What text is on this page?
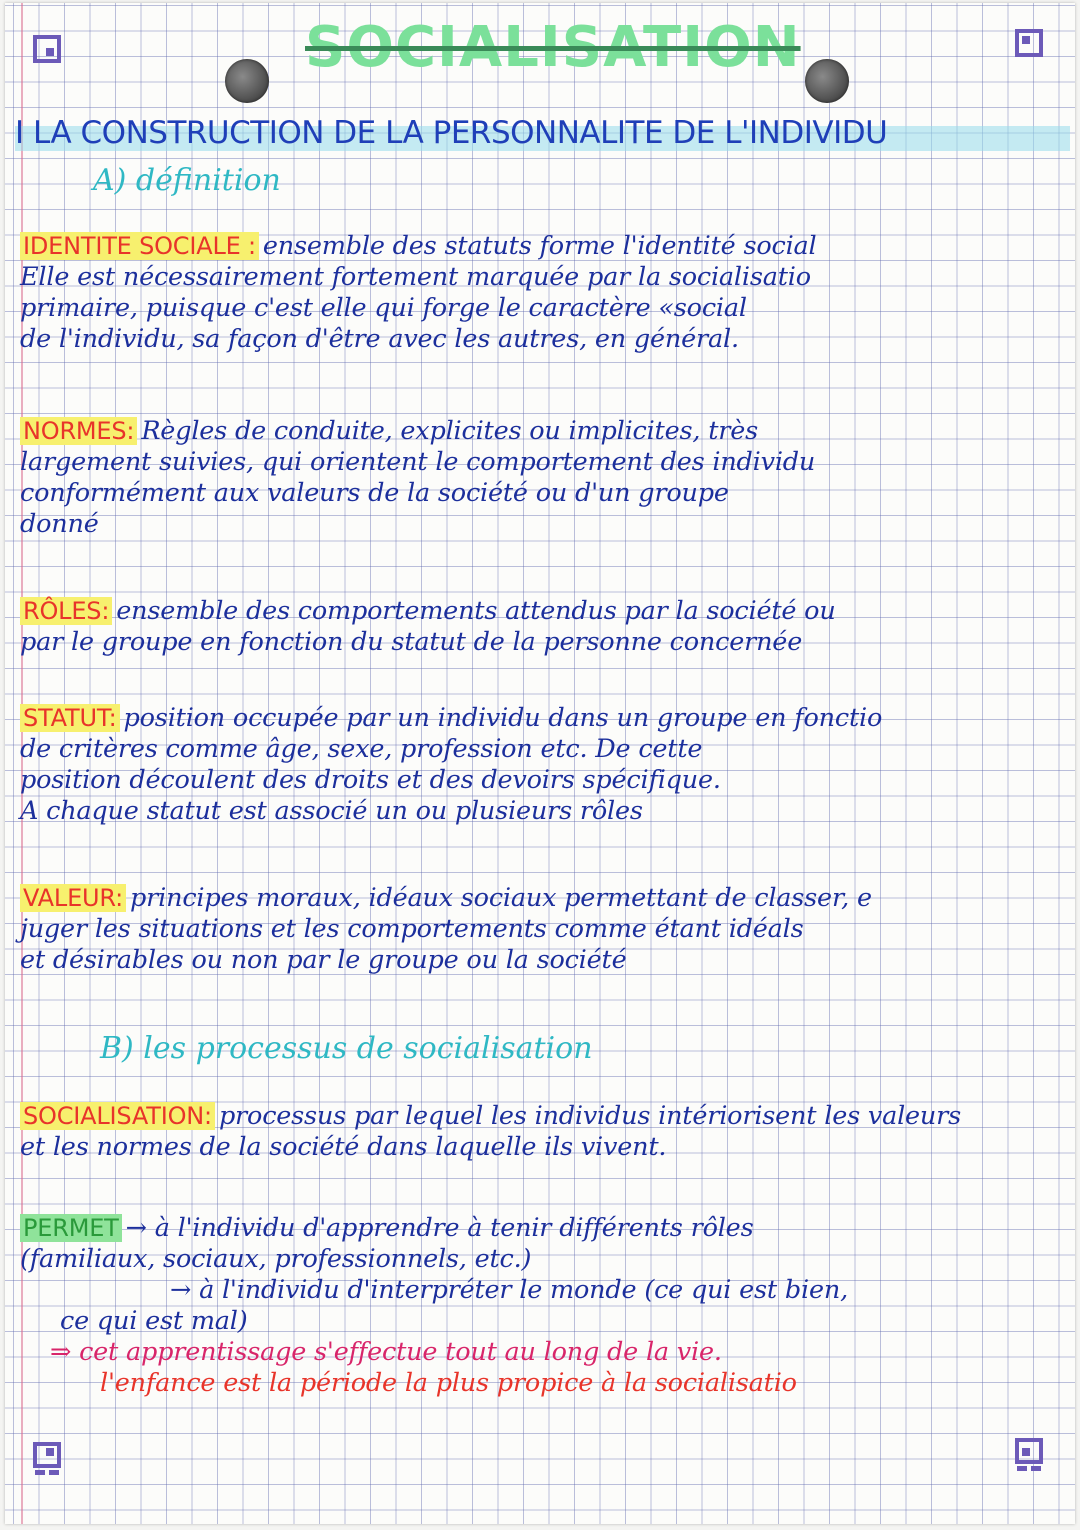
SOCIALISATION
I LA CONSTRUCTION DE LA PERSONNALITE DE L'INDIVIDU
A) définition
IDENTITE SOCIALE : ensemble des statuts forme l'identité social
Elle est nécessairement fortement marquée par la socialisatio
primaire, puisque c'est elle qui forge le caractère «social
de l'individu, sa façon d'être avec les autres, en général.
NORMES: Règles de conduite, explicites ou implicites, très
largement suivies, qui orientent le comportement des individu
conformément aux valeurs de la société ou d'un groupe
donné
RÔLES: ensemble des comportements attendus par la société ou
par le groupe en fonction du statut de la personne concernée
STATUT: position occupée par un individu dans un groupe en fonctio
de critères comme âge, sexe, profession etc. De cette
position découlent des droits et des devoirs spécifique.
A chaque statut est associé un ou plusieurs rôles
VALEUR: principes moraux, idéaux sociaux permettant de classer, e
juger les situations et les comportements comme étant idéals
et désirables ou non par le groupe ou la société
B) les processus de socialisation
SOCIALISATION: processus par lequel les individus intériorisent les valeurs
et les normes de la société dans laquelle ils vivent.
PERMET → à l'individu d'apprendre à tenir différents rôles
(familiaux, sociaux, professionnels, etc.)
→ à l'individu d'interpréter le monde (ce qui est bien,
ce qui est mal)
⇒ cet apprentissage s'effectue tout au long de la vie.
l'enfance est la période la plus propice à la socialisatio
